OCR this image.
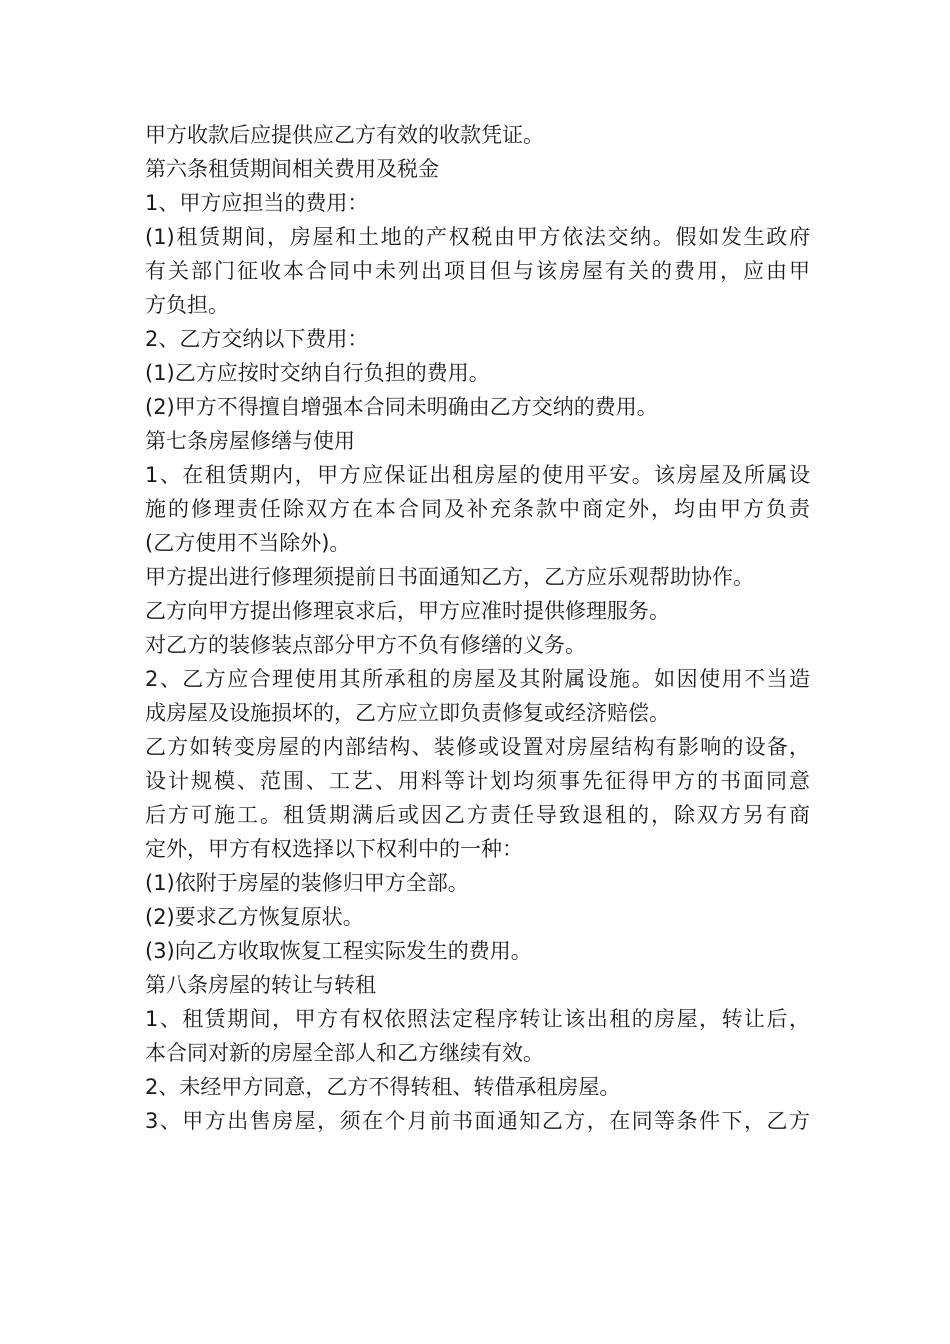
甲方收款后应提供应乙方有效的收款凭证。
第六条租赁期间相关费用及税金
1、甲方应担当的费用：
(1)租赁期间，房屋和土地的产权税由甲方依法交纳。假如发生政府
有关部门征收本合同中未列出项目但与该房屋有关的费用，应由甲
方负担。
2、乙方交纳以下费用：
(1)乙方应按时交纳自行负担的费用。
(2)甲方不得擅自增强本合同未明确由乙方交纳的费用。
第七条房屋修缮与使用
1、在租赁期内，甲方应保证出租房屋的使用平安。该房屋及所属设
施的修理责任除双方在本合同及补充条款中商定外，均由甲方负责
(乙方使用不当除外)。
甲方提出进行修理须提前日书面通知乙方，乙方应乐观帮助协作。
乙方向甲方提出修理哀求后，甲方应准时提供修理服务。
对乙方的装修装点部分甲方不负有修缮的义务。
2、乙方应合理使用其所承租的房屋及其附属设施。如因使用不当造
成房屋及设施损坏的，乙方应立即负责修复或经济赔偿。
乙方如转变房屋的内部结构、装修或设置对房屋结构有影响的设备，
设计规模、范围、工艺、用料等计划均须事先征得甲方的书面同意
后方可施工。租赁期满后或因乙方责任导致退租的，除双方另有商
定外，甲方有权选择以下权利中的一种：
(1)依附于房屋的装修归甲方全部。
(2)要求乙方恢复原状。
(3)向乙方收取恢复工程实际发生的费用。
第八条房屋的转让与转租
1、租赁期间，甲方有权依照法定程序转让该出租的房屋，转让后，
本合同对新的房屋全部人和乙方继续有效。
2、未经甲方同意，乙方不得转租、转借承租房屋。
3、甲方出售房屋，须在个月前书面通知乙方，在同等条件下，乙方
